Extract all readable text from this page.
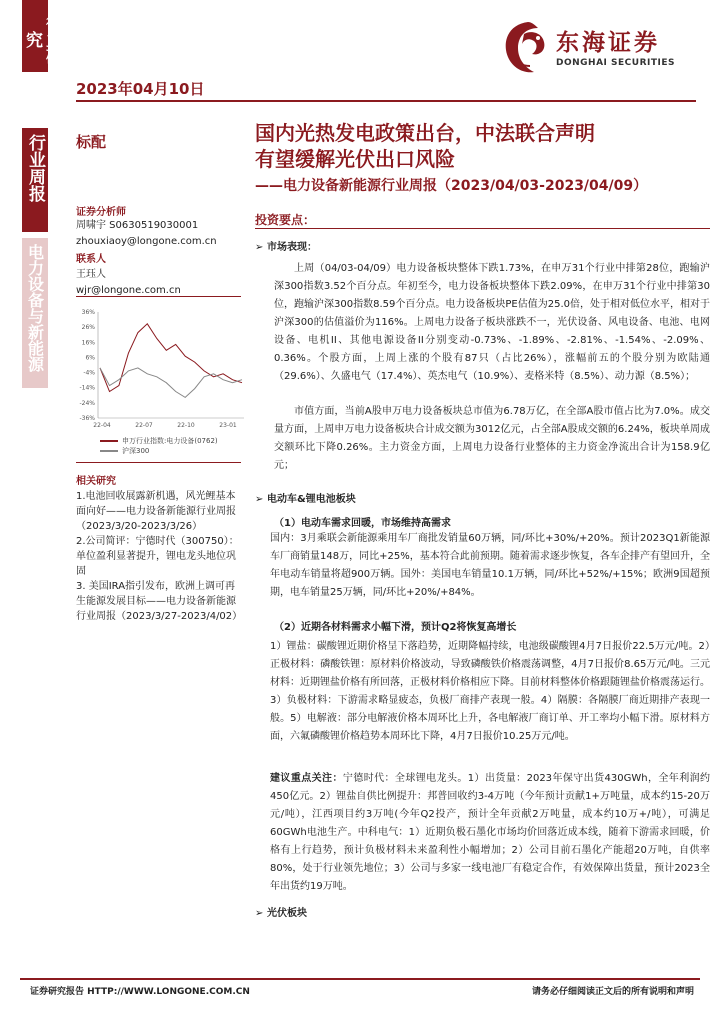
行业研究
行业周报
电力设备与新能源
2023年04月10日
东海证券
DONGHAI SECURITIES
标配	国内光热发电政策出台，中法联合声明
有望缓解光伏出口风险
——电力设备新能源行业周报（2023/04/03-2023/04/09）
证券分析师
周啸宇 S0630519030001
zhouxiaoy@longone.com.cn
联系人
王珏人
wjr@longone.com.cn
36%
26%
16%
6%
-4%
-14%
-24%
-36%
22-04	22-07	22-10	23-01
申万行业指数:电力设备(0762)
沪深300
相关研究
1.电池回收展露新机遇，风光鲤基本面向好——电力设备新能源行业周报（2023/3/20-2023/3/26）
2.公司简评：宁德时代（300750）：单位盈利显著提升，锂电龙头地位巩固
3. 美国IRA指引发布，欧洲上调可再生能源发展目标——电力设备新能源行业周报（2023/3/27-2023/4/02）
投资要点：
➢ 市场表现：
上周（04/03-04/09）电力设备板块整体下跌1.73%，在申万31个行业中排第28位，跑输沪深300指数3.52个百分点。年初至今，电力设备板块整体下跌2.09%，在申万31个行业中排第30位，跑输沪深300指数8.59个百分点。电力设备板块PE估值为25.0倍，处于相对低位水平，相对于沪深300的估值溢价为116%。上周电力设备子板块涨跌不一，光伏设备、风电设备、电池、电网设备、电机II、其他电源设备II分别变动-0.73%、-1.89%、-2.81%、-1.54%、-2.09%、0.36%。个股方面，上周上涨的个股有87只（占比26%），涨幅前五的个股分别为欧陆通（29.6%）、久盛电气（17.4%）、英杰电气（10.9%）、麦格米特（8.5%）、动力源（8.5%）；
市值方面，当前A股申万电力设备板块总市值为6.78万亿，在全部A股市值占比为7.0%。成交量方面，上周申万电力设备板块合计成交额为3012亿元，占全部A股成交额的6.24%，板块单周成交额环比下降0.26%。主力资金方面，上周电力设备行业整体的主力资金净流出合计为158.9亿元；
➢ 电动车&锂电池板块
（1）电动车需求回暖，市场维持高需求
国内：3月乘联会新能源乘用车厂商批发销量60万辆，同/环比+30%/+20%。预计2023Q1新能源车厂商销量148万，同比+25%，基本符合此前预期。随着需求逐步恢复，各车企排产有望回升，全年电动车销量将超900万辆。国外：美国电车销量10.1万辆，同/环比+52%/+15%；欧洲9国超预期，电车销量25万辆，同/环比+20%/+84%。
（2）近期各材料需求小幅下滑，预计Q2将恢复高增长
1）锂盐：碳酸锂近期价格呈下落趋势，近期降幅持续，电池级碳酸锂4月7日报价22.5万元/吨。2）正极材料：磷酸铁锂：原材料价格波动，导致磷酸铁价格震荡调整，4月7日报价8.65万元/吨。三元材料：近期锂盐价格有所回落，正极材料价格相应下降。目前材料整体价格跟随锂盐价格震荡运行。3）负极材料：下游需求略显疲态，负极厂商排产表现一般。4）隔膜：各隔膜厂商近期排产表现一般。5）电解液：部分电解液价格本周环比上升，各电解液厂商订单、开工率均小幅下滑。原材料方面，六氟磷酸锂价格趋势本周环比下降，4月7日报价10.25万元/吨。
建议重点关注：宁德时代：全球锂电龙头。1）出货量：2023年保守出货430GWh，全年利润约450亿元。2）锂盐自供比例提升：邦普回收约3-4万吨（今年预计贡献1+万吨量，成本约15-20万元/吨），江西项目约3万吨(今年Q2投产，预计全年贡献2万吨量，成本约10万+/吨），可满足60GWh电池生产。中科电气：1）近期负极石墨化市场均价回落近成本线，随着下游需求回暖，价格有上行趋势，预计负极材料未来盈利性小幅增加；2）公司目前石墨化产能超20万吨，自供率80%，处于行业领先地位；3）公司与多家一线电池厂有稳定合作，有效保障出货量，预计2023全年出货约19万吨。
➢ 光伏板块
证券研究报告 HTTP://WWW.LONGONE.COM.CN	请务必仔细阅读正文后的所有说明和声明
